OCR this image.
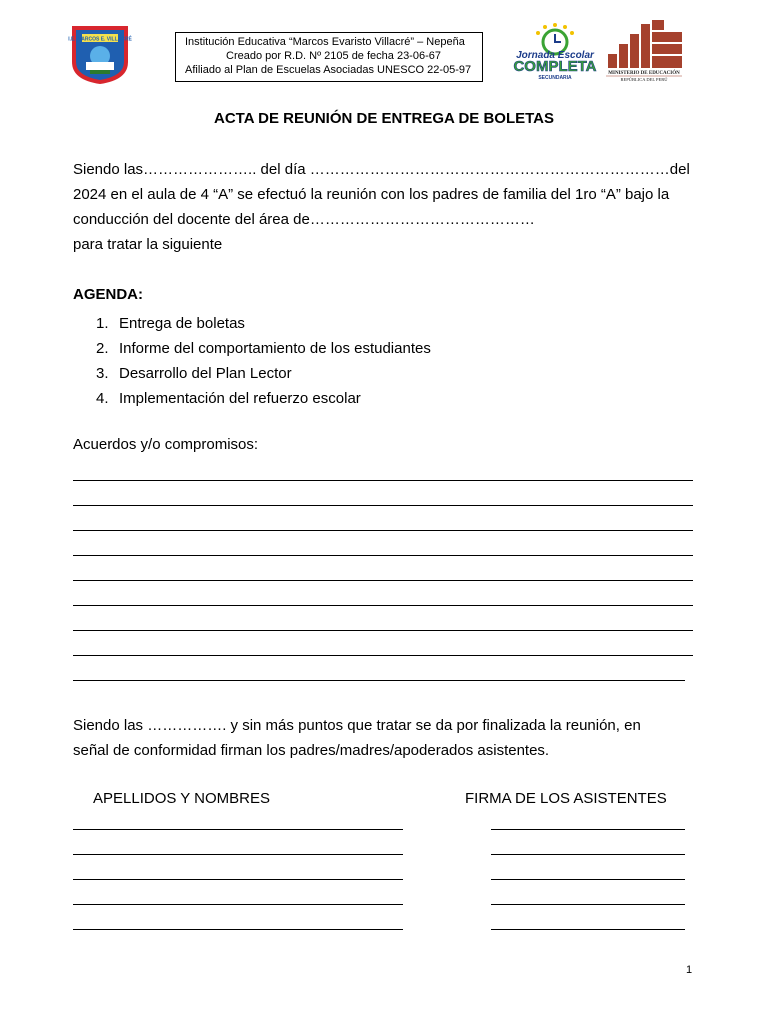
I.E. MARCOS E. VILLACRÉ	Institución Educativa “Marcos Evaristo Villacré” – Nepeña
Creado por R.D. Nº 2105 de fecha 23-06-67
Afiliado al Plan de Escuelas Asociadas UNESCO 22-05-97
Jornada Escolar
COMPLETA
SECUNDARIA
MINISTERIO DE EDUCACIÓN
REPÚBLICA DEL PERÚ
ACTA DE REUNIÓN DE ENTREGA DE BOLETAS
Siendo las………………….. del día ………………………………………………………………del
2024 en el aula de 4 “A” se efectuó la reunión con los padres de familia del 1ro “A” bajo la
conducción del docente del área de………………………………………
para tratar la siguiente
AGENDA:
1. Entrega de boletas
2. Informe del comportamiento de los estudiantes
3. Desarrollo del Plan Lector
4. Implementación del refuerzo escolar
Acuerdos y/o compromisos:
Siendo las ……………. y sin más puntos que tratar se da por finalizada la reunión, en
señal de conformidad firman los padres/madres/apoderados asistentes.
APELLIDOS Y NOMBRES	FIRMA DE LOS ASISTENTES
1
